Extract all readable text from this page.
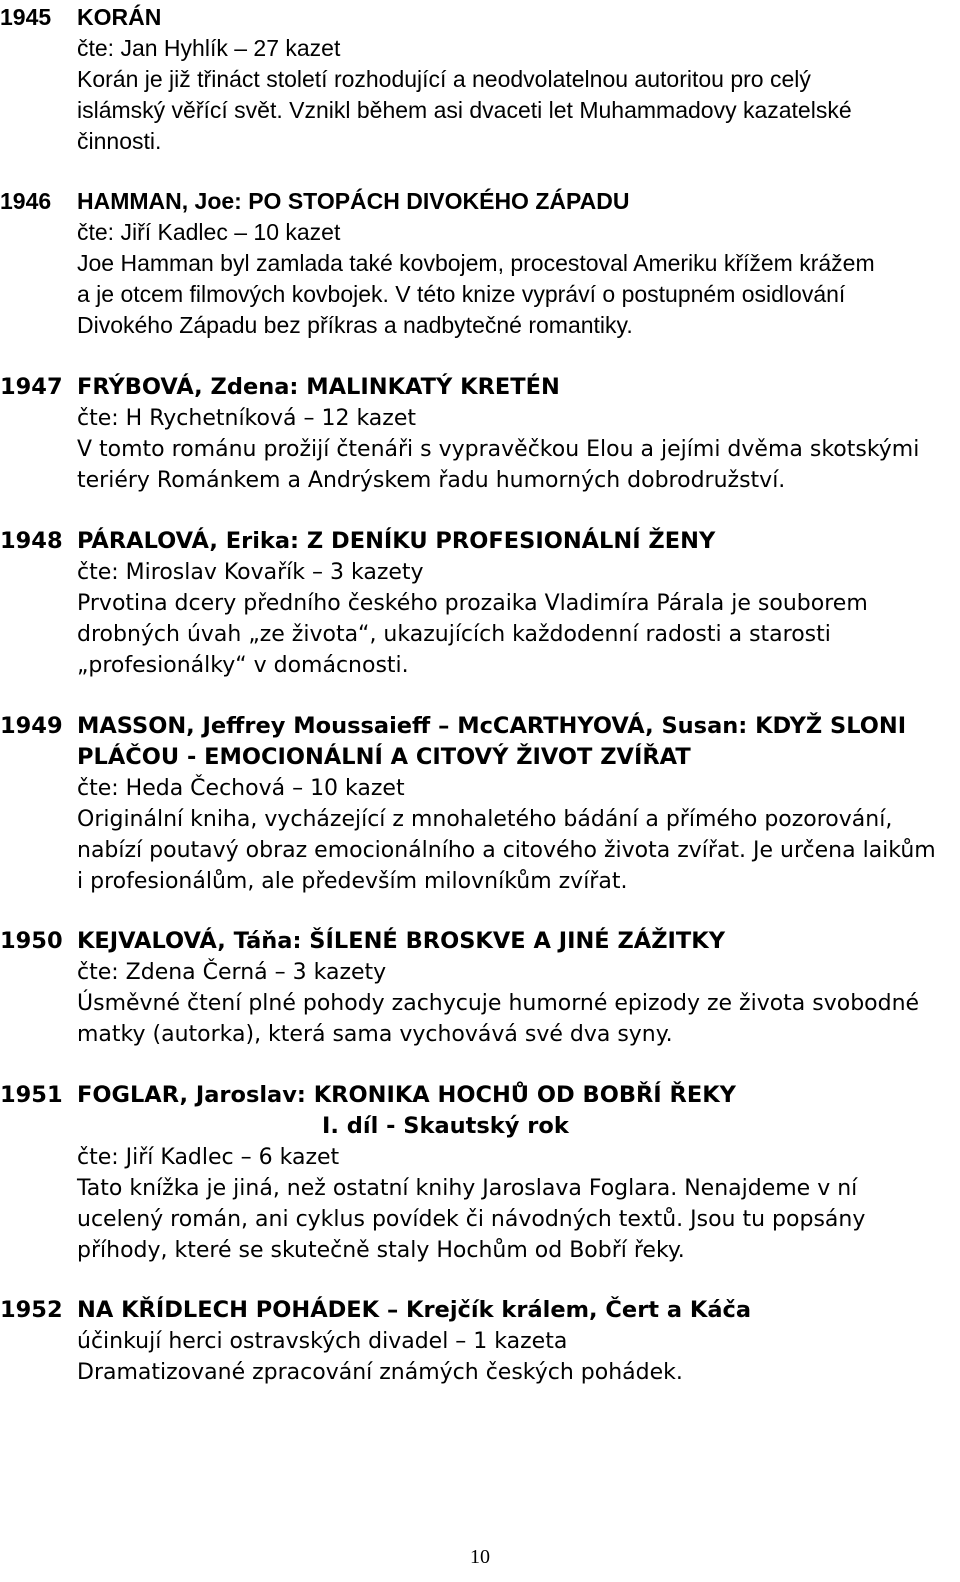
1945 KORÁN
čte: Jan Hyhlík – 27 kazet
Korán je již třináct století rozhodující a neodvolatelnou autoritou pro celý
islámský věřící svět. Vznikl během asi dvaceti let Muhammadovy kazatelské
činnosti.
1946 HAMMAN, Joe: PO STOPÁCH DIVOKÉHO ZÁPADU
čte: Jiří Kadlec – 10 kazet
Joe Hamman byl zamlada také kovbojem, procestoval Ameriku křížem krážem
a je otcem filmových kovbojek. V této knize vypráví o postupném osidlování
Divokého Západu bez příkras a nadbytečné romantiky.
1947 FRÝBOVÁ, Zdena: MALINKATÝ KRETÉN
čte: H Rychetníková – 12 kazet
V tomto románu prožijí čtenáři s vypravěčkou Elou a jejími dvěma skotskými
teriéry Románkem a Andrýskem řadu humorných dobrodružství.
1948 PÁRALOVÁ, Erika: Z DENÍKU PROFESIONÁLNÍ ŽENY
čte: Miroslav Kovařík – 3 kazety
Prvotina dcery předního českého prozaika Vladimíra Párala je souborem
drobných úvah „ze života“, ukazujících každodenní radosti a starosti
„profesionálky“ v domácnosti.
1949 MASSON, Jeffrey Moussaieff – McCARTHYOVÁ, Susan: KDYŽ SLONI
PLÁČOU - EMOCIONÁLNÍ A CITOVÝ ŽIVOT ZVÍŘAT
čte: Heda Čechová – 10 kazet
Originální kniha, vycházející z mnohaletého bádání a přímého pozorování,
nabízí poutavý obraz emocionálního a citového života zvířat. Je určena laikům
i profesionálům, ale především milovníkům zvířat.
1950 KEJVALOVÁ, Táňa: ŠÍLENÉ BROSKVE A JINÉ ZÁŽITKY
čte: Zdena Černá – 3 kazety
Úsměvné čtení plné pohody zachycuje humorné epizody ze života svobodné
matky (autorka), která sama vychovává své dva syny.
1951 FOGLAR, Jaroslav: KRONIKA HOCHŮ OD BOBŘÍ ŘEKY
I. díl - Skautský rok
čte: Jiří Kadlec – 6 kazet
Tato knížka je jiná, než ostatní knihy Jaroslava Foglara. Nenajdeme v ní
ucelený román, ani cyklus povídek či návodných textů. Jsou tu popsány
příhody, které se skutečně staly Hochům od Bobří řeky.
1952 NA KŘÍDLECH POHÁDEK – Krejčík králem, Čert a Káča
účinkují herci ostravských divadel – 1 kazeta
Dramatizované zpracování známých českých pohádek.
10
